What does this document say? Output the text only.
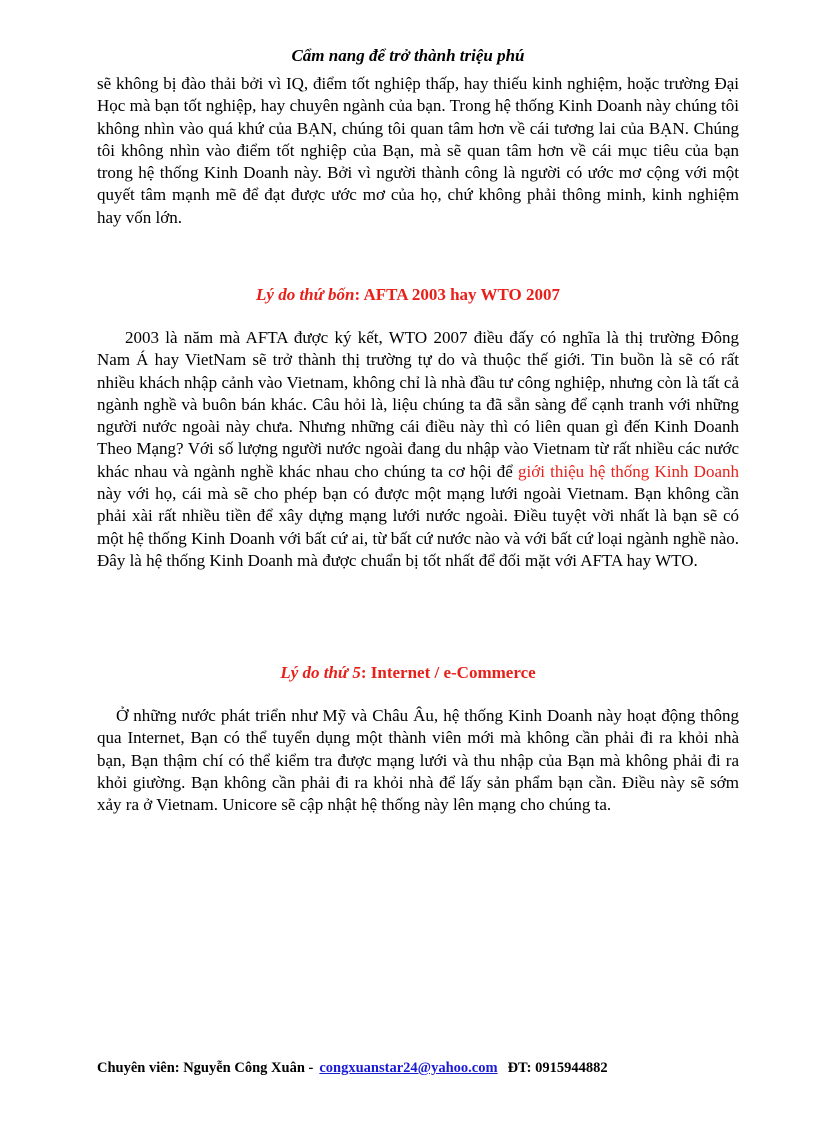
Cẩm nang để trở thành triệu phú
sẽ không bị đào thải bởi vì IQ, điểm tốt nghiệp thấp, hay thiếu kinh nghiệm, hoặc trường Đại Học mà bạn tốt nghiệp, hay chuyên ngành của bạn. Trong hệ thống Kinh Doanh này chúng tôi không nhìn vào quá khứ của BẠN, chúng tôi quan tâm hơn về cái tương lai của BẠN. Chúng tôi không nhìn vào điểm tốt nghiệp của Bạn, mà sẽ quan tâm hơn về cái mục tiêu của bạn trong hệ thống Kinh Doanh này. Bởi vì người thành công là người có ước mơ cộng với một quyết tâm mạnh mẽ để đạt được ước mơ của họ, chứ không phải thông minh, kinh nghiệm hay vốn lớn.
Lý do thứ bốn: AFTA 2003 hay WTO 2007
2003 là năm mà AFTA được ký kết, WTO 2007 điều đấy có nghĩa là thị trường Đông Nam Á hay VietNam sẽ trở thành thị trường tự do và thuộc thế giới. Tin buồn là sẽ có rất nhiều khách nhập cảnh vào Vietnam, không chỉ là nhà đầu tư công nghiệp, nhưng còn là tất cả ngành nghề và buôn bán khác. Câu hỏi là, liệu chúng ta đã sẵn sàng để cạnh tranh với những người nước ngoài này chưa. Nhưng những cái điều này thì có liên quan gì đến Kinh Doanh Theo Mạng? Với số lượng người nước ngoài đang du nhập vào Vietnam từ rất nhiều các nước khác nhau và ngành nghề khác nhau cho chúng ta cơ hội để giới thiệu hệ thống Kinh Doanh này với họ, cái mà sẽ cho phép bạn có được một mạng lưới ngoài Vietnam. Bạn không cần phải xài rất nhiều tiền để xây dựng mạng lưới nước ngoài. Điều tuyệt vời nhất là bạn sẽ có một hệ thống Kinh Doanh với bất cứ ai, từ bất cứ nước nào và với bất cứ loại ngành nghề nào. Đây là hệ thống Kinh Doanh mà được chuẩn bị tốt nhất để đối mặt với AFTA hay WTO.
Lý do thứ 5: Internet / e-Commerce
Ở những nước phát triển như Mỹ và Châu Âu, hệ thống Kinh Doanh này hoạt động thông qua Internet, Bạn có thể tuyển dụng một thành viên mới mà không cần phải đi ra khỏi nhà bạn, Bạn thậm chí có thể kiểm tra được mạng lưới và thu nhập của Bạn mà không phải đi ra khỏi giường. Bạn không cần phải đi ra khỏi nhà để lấy sản phẩm bạn cần. Điều này sẽ sớm xảy ra ở Vietnam. Unicore sẽ cập nhật hệ thống này lên mạng cho chúng ta.
Chuyên viên: Nguyễn Công Xuân - congxuanstar24@yahoo.com ĐT: 0915944882
